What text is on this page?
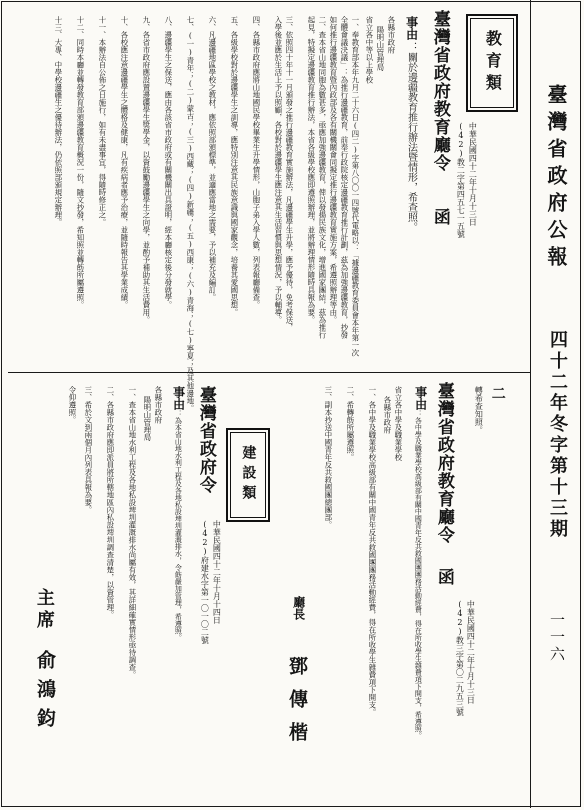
臺灣省政府公報
四十二年冬字第十三期
一一六
教育類
臺灣省政府教育廳令
函 中華民國四十二年十月十三日
(42)教二字第四五七一五號
事由
：關於邊疆教育推行辦法暨情形，希查照。
各縣市政府
陽明山管理局
省立各中等以上學校
一、奉教育部本年九月二十六日(四二)字第八〇〇一四號代電略以：「據邊疆教育委員會本年第一次
全體會議決議」：為推行邊疆教育，前奉行政院核定邊疆教育推行計劃，茲為加強邊疆教育，抄發
如何推行邊疆教育暨內政部及各有關機關會同擬定推行邊疆教育實施方案，希遵照辦理等由。
二、查本省山地同胞為數甚多，亟應加強邊疆教育，俾以發揚民族文化，增進國家團結，茲為推行
起見，特擬定邊疆教育推行辦法，本省各級學校應即遵照辦理，並將辦理情形隨時具報為要。
三、依照四十年十一月頒發之推行邊疆教育實施辦法，凡邊疆學生升學，應予優待，免考保送，
入學後並應於生活上予以照顧，各校對於邊疆學生應注意其生活習慣與思想情況，予以輔導。
四、各縣市政府應將山地國民學校畢業生升學情形，山胞子弟入學人數，列表報廳備查。
五、各級學校對於邊疆學生之訓導，應特別注意其民族意識與國家觀念，培養其愛國思想。
六、凡邊疆地區學校之教材，應依照部頒標準，並適應當地之需要，予以補充及編訂。
七、(一)青年；(二)蒙古；(三)西藏；(四)新疆；(五)西康；(六)青海；(七)寧夏；及其他邊地。
八、邊疆學生之保送，應由各該省市政府或有關機關出具證明，經本廳核定後分發就學。
九、各省市政府應設置邊疆學生獎學金，以資鼓勵邊疆學生之向學，並酌予補助其生活費用。
十、各校應注意邊疆學生之體格及健康，凡有疾病者應予治療，並隨時報告其學業成績。
十一、本辦法自公佈之日施行，如有未盡事宜，得隨時修正之。
十二、同時本廳並轉發教育部頒邊疆教育概況一份，隨文抄發，希知照並轉飭所屬遵照。
十三、大專、中學校邊疆生之優待辦法，仍依照部頒規定辦理。
二
轉希查知照。
臺灣省政府教育廳令
函
中華民國四十二年十月十三日
(42)教三字第〇二九五三號
事由
：各中學及職業學校高級部有關中國青年反共救國團團務活動經費，得在所收學生雜費項下開支，希遵照。
省立各中學及職業學校
各縣市政府
一、各中學及職業學校高級部有關中國青年反共救國團團務活動經費，得在所收學生雜費項下開支。
二、希轉飭所屬遵照。
三、副本抄送中國青年反共救國團總團部。
廳長
鄧傳楷
建設類
臺灣省政府令
中華民國四十二年十月十四日
(42)府建水字第一〇一〇二號
事由
：為本省山地水利工程及各地私設埤圳灌溉排水，令飭嚴加管理，希遵照。
各縣市政府
陽明山管理局
一、查本省山地水利工程及各地私設埤圳灌溉排水尚屬有效，其詳細確實情形亟待調查。
二、各縣市政府應即派員將所轄地區內私設埤圳調查清楚，以資管理。
三、希於文到兩個月內列表具報為要。
令仰遵照。
主席
俞鴻鈞
